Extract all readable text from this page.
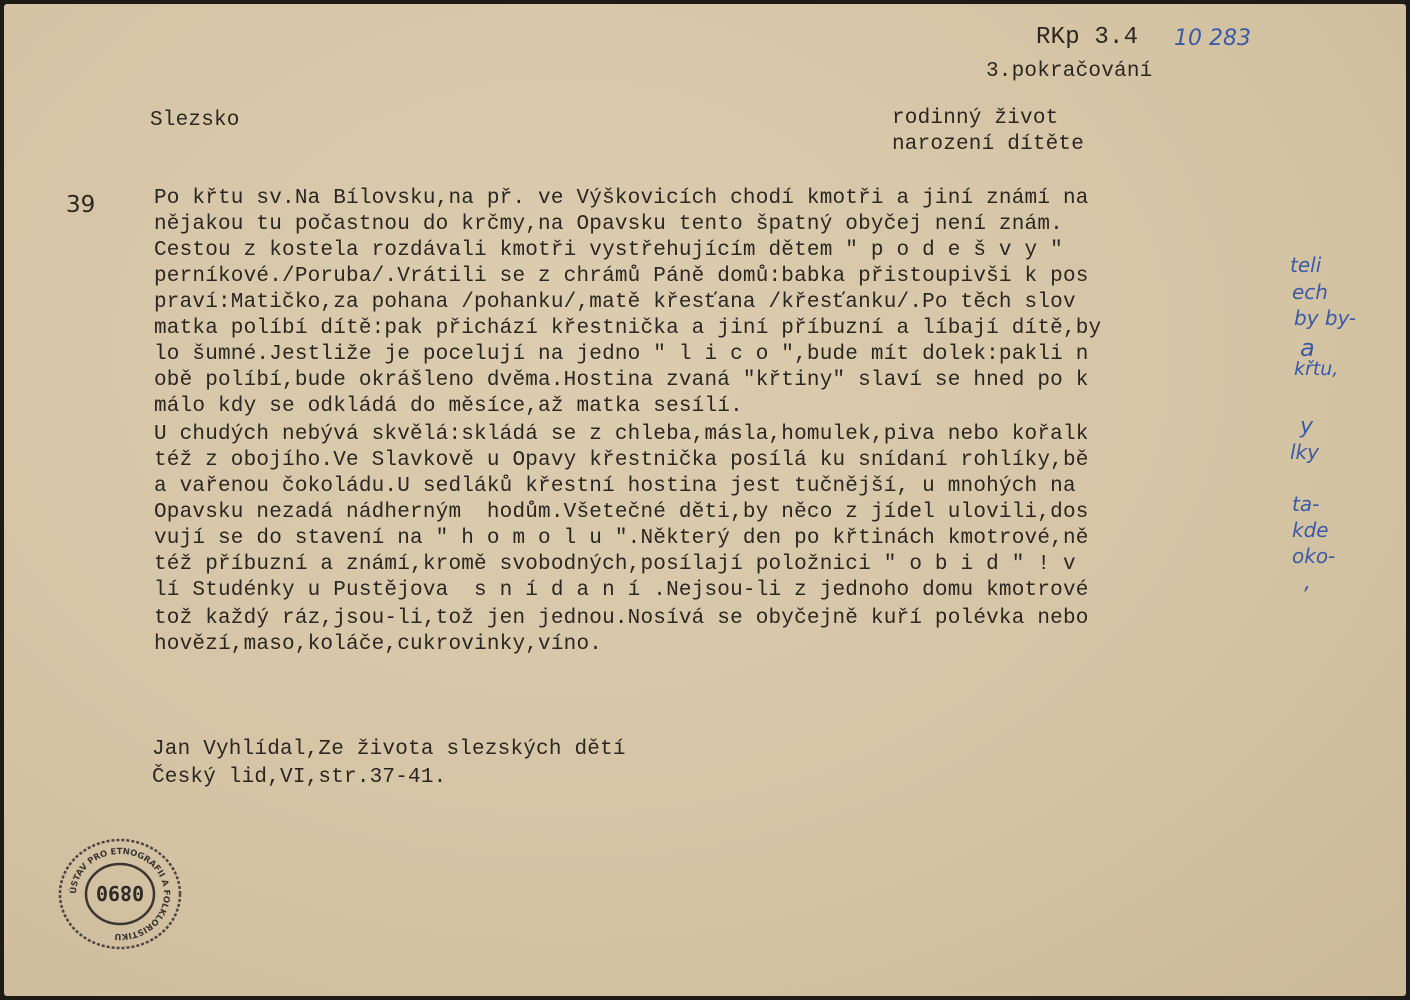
RKp 3.4 10 283
3.pokračování
Slezsko	rodinný život
narození dítěte
39	Po křtu sv.Na Bílovsku,na př. ve Výškovicích chodí kmotři a jiní známí na
nějakou tu počastnou do krčmy,na Opavsku tento špatný obyčej není znám.
Cestou z kostela rozdávali kmotři vystřehujícím dětem " p o d e š v y "
perníkové./Poruba/.Vrátili se z chrámů Páně domů:babka přistoupivši k pos
praví:Matičko,za pohana /pohanku/,matě křesťana /křesťanku/.Po těch slov
matka políbí dítě:pak přichází křestnička a jiní příbuzní a líbají dítě,by
lo šumné.Jestliže je pocelují na jedno " l i c o ",bude mít dolek:pakli n
obě políbí,bude okrášleno dvěma.Hostina zvaná "křtiny" slaví se hned po k
málo kdy se odkládá do měsíce,až matka sesílí.
U chudých nebývá skvělá:skládá se z chleba,másla,homulek,piva nebo kořalk
též z obojího.Ve Slavkově u Opavy křestnička posílá ku snídaní rohlíky,bě
a vařenou čokoládu.U sedláků křestní hostina jest tučnější, u mnohých na
Opavsku nezadá nádherným  hodům.Všetečné děti,by něco z jídel ulovili,dos
vují se do stavení na " h o m o l u ".Některý den po křtinách kmotrové,ně
též příbuzní a známí,kromě svobodných,posílají položnici " o b i d " ! v
lí Studénky u Pustějova  s n í d a n í .Nejsou-li z jednoho domu kmotrové
tož každý ráz,jsou-li,tož jen jednou.Nosívá se obyčejně kuří polévka nebo
hovězí,maso,koláče,cukrovinky,víno.
teli
ech
by by-
a
křtu,
y
lky
ta-
kde
oko-
,
Jan Vyhlídal,Ze života slezských dětí
Český lid,VI,str.37-41.
ÚSTAV PRO ETNOGRAFII A FOLKLORISTIKU
0890
